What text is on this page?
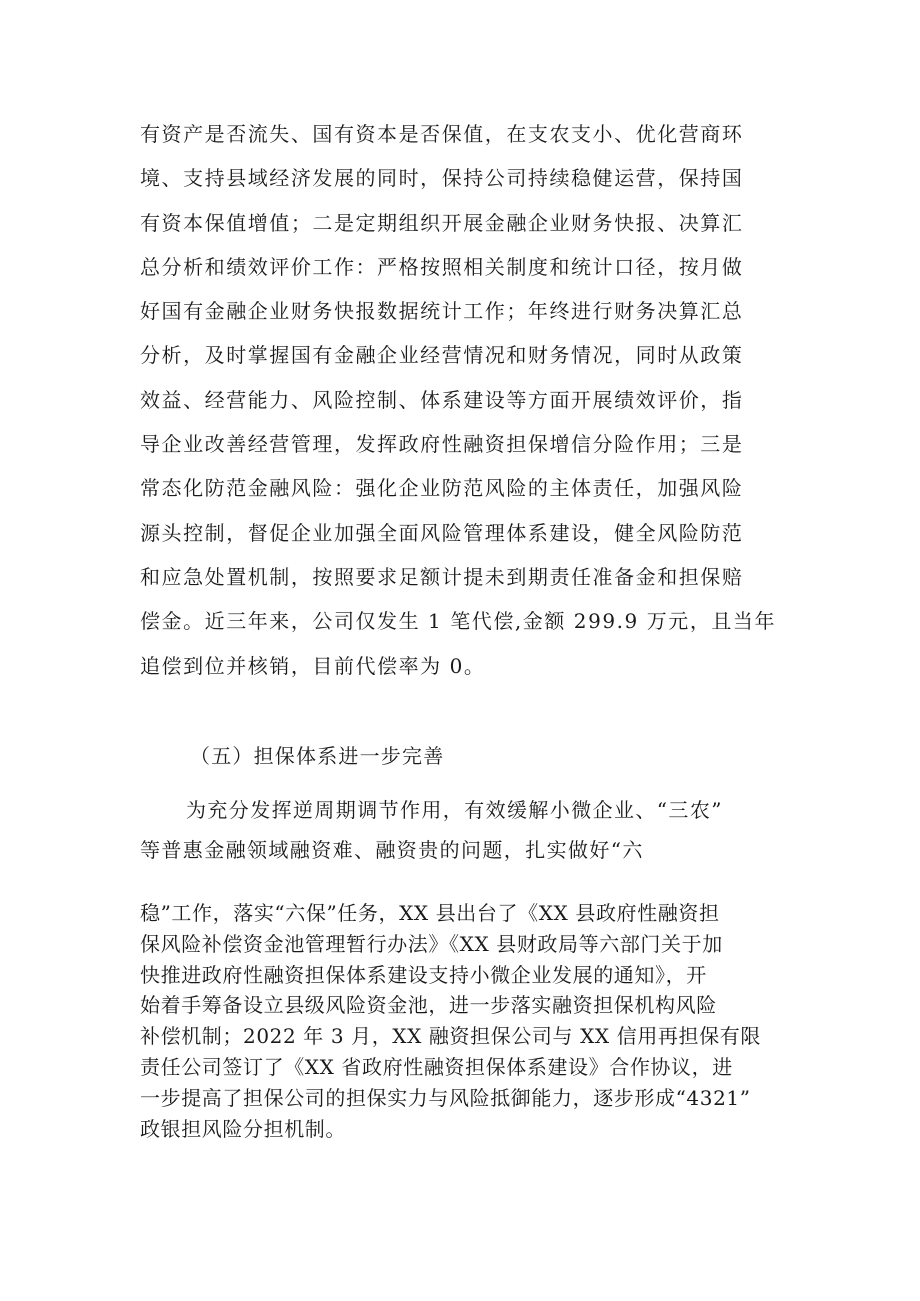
有资产是否流失、国有资本是否保值，在支农支小、优化营商环
境、支持县域经济发展的同时，保持公司持续稳健运营，保持国
有资本保值增值；二是定期组织开展金融企业财务快报、决算汇
总分析和绩效评价工作：严格按照相关制度和统计口径，按月做
好国有金融企业财务快报数据统计工作；年终进行财务决算汇总
分析，及时掌握国有金融企业经营情况和财务情况，同时从政策
效益、经营能力、风险控制、体系建设等方面开展绩效评价，指
导企业改善经营管理，发挥政府性融资担保增信分险作用；三是
常态化防范金融风险：强化企业防范风险的主体责任，加强风险
源头控制，督促企业加强全面风险管理体系建设，健全风险防范
和应急处置机制，按照要求足额计提未到期责任准备金和担保赔
偿金。近三年来，公司仅发生 1 笔代偿,金额 299.9 万元，且当年
追偿到位并核销，目前代偿率为 0。
（五）担保体系进一步完善
为充分发挥逆周期调节作用，有效缓解小微企业、“三农”
等普惠金融领域融资难、融资贵的问题，扎实做好“六
稳”工作，落实“六保”任务，XX 县出台了《XX 县政府性融资担
保风险补偿资金池管理暂行办法》《XX 县财政局等六部门关于加
快推进政府性融资担保体系建设支持小微企业发展的通知》，开
始着手筹备设立县级风险资金池，进一步落实融资担保机构风险
补偿机制；2022 年 3 月，XX 融资担保公司与 XX 信用再担保有限
责任公司签订了《XX 省政府性融资担保体系建设》合作协议，进
一步提高了担保公司的担保实力与风险抵御能力，逐步形成“4321”
政银担风险分担机制。
